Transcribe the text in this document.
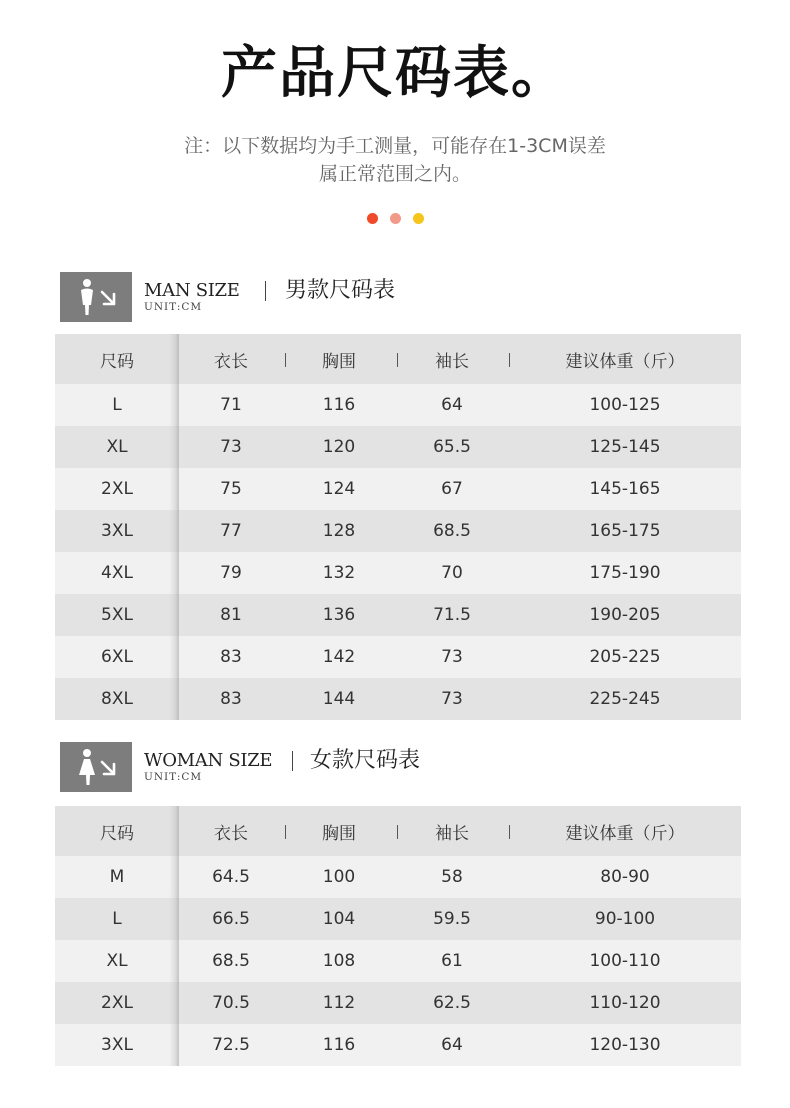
产品尺码表。
注：以下数据均为手工测量，可能存在1-3CM误差
属正常范围之内。

MAN SIZE
UNIT:CM
男款尺码表
尺码	衣长	胸围	袖长	建议体重（斤）
L	71	116	64	100-125
XL	73	120	65.5	125-145
2XL	75	124	67	145-165
3XL	77	128	68.5	165-175
4XL	79	132	70	175-190
5XL	81	136	71.5	190-205
6XL	83	142	73	205-225
8XL	83	144	73	225-245
WOMAN SIZE
UNIT:CM
女款尺码表
尺码	衣长	胸围	袖长	建议体重（斤）
M	64.5	100	58	80-90
L	66.5	104	59.5	90-100
XL	68.5	108	61	100-110
2XL	70.5	112	62.5	110-120
3XL	72.5	116	64	120-130
